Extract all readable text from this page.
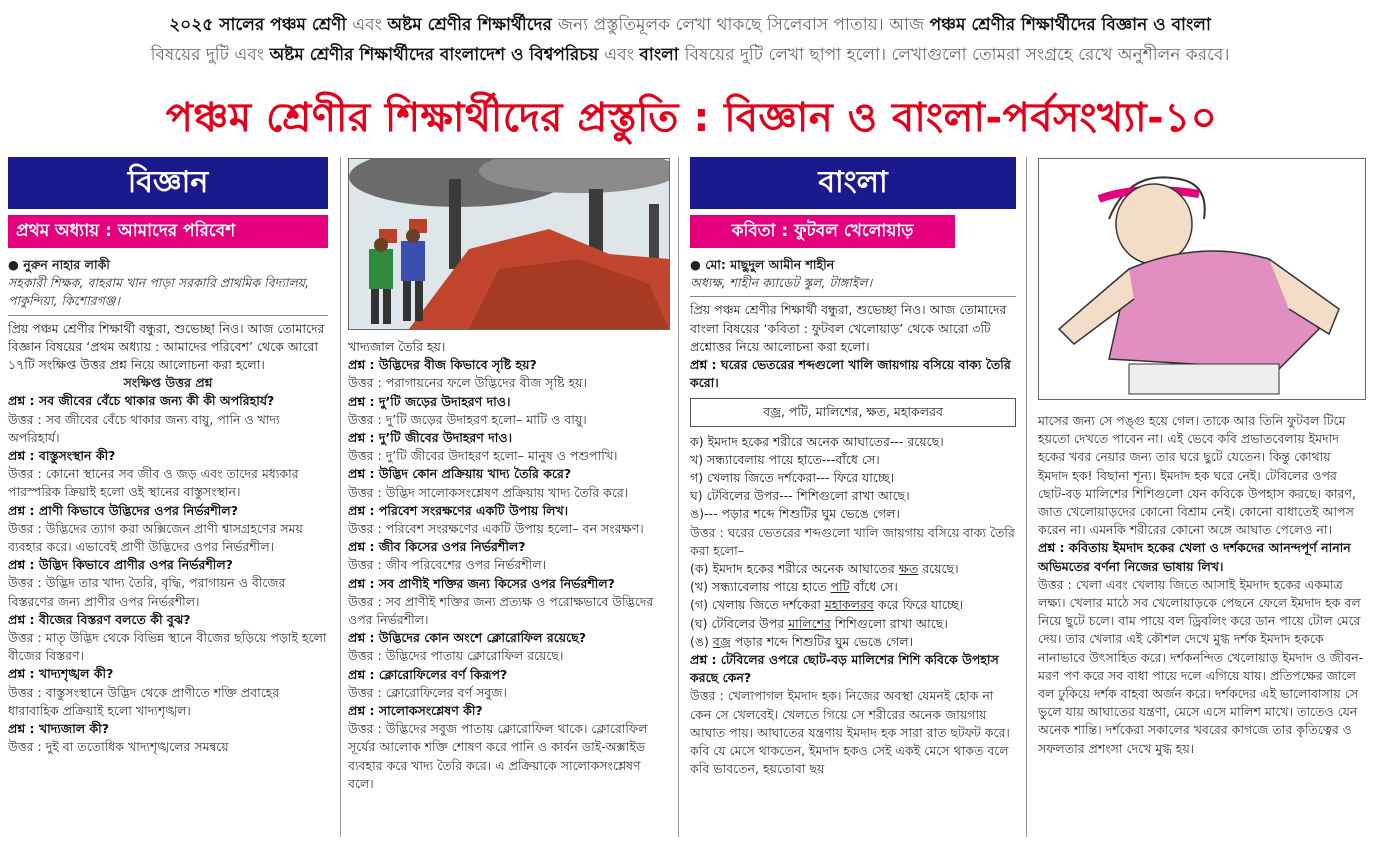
২০২৫ সালের পঞ্চম শ্রেণী এবং অষ্টম শ্রেণীর শিক্ষার্থীদের জন্য প্রস্তুতিমূলক লেখা থাকছে সিলেবাস পাতায়। আজ পঞ্চম শ্রেণীর শিক্ষার্থীদের বিজ্ঞান ও বাংলা
বিষয়ের দুটি এবং অষ্টম শ্রেণীর শিক্ষার্থীদের বাংলাদেশ ও বিশ্বপরিচয় এবং বাংলা বিষয়ের দুটি লেখা ছাপা হলো। লেখাগুলো তোমরা সংগ্রহে রেখে অনুশীলন করবে।
পঞ্চম শ্রেণীর শিক্ষার্থীদের প্রস্তুতি : বিজ্ঞান ও বাংলা-পর্বসংখ্যা-১০
বিজ্ঞান
প্রথম অধ্যায় : আমাদের পরিবেশ

● নুরুন নাহার লাকী

সহকারী শিক্ষক, বাহরাম খান পাড়া সরকারি প্রাথমিক বিদ্যালয়, পাকুন্দিয়া, কিশোরগঞ্জ।

প্রিয় পঞ্চম শ্রেণীর শিক্ষার্থী বন্ধুরা, শুভেচ্ছা নিও। আজ তোমাদের বিজ্ঞান বিষয়ের ‘প্রথম অধ্যায় : আমাদের পরিবেশ’ থেকে আরো ১৭টি সংক্ষিপ্ত উত্তর প্রশ্ন নিয়ে আলোচনা করা হলো।

সংক্ষিপ্ত উত্তর প্রশ্ন

প্রশ্ন : সব জীবের বেঁচে থাকার জন্য কী কী অপরিহার্য?

উত্তর : সব জীবের বেঁচে থাকার জন্য বায়ু, পানি ও খাদ্য অপরিহার্য।

প্রশ্ন : বাস্তুসংস্থান কী?

উত্তর : কোনো স্থানের সব জীব ও জড় এবং তাদের মধ্যকার পারস্পরিক ক্রিয়াই হলো ওই স্থানের বাস্তুসংস্থান।

প্রশ্ন : প্রাণী কিভাবে উদ্ভিদের ওপর নির্ভরশীল?

উত্তর : উদ্ভিদের ত্যাগ করা অক্সিজেন প্রাণী শ্বাসগ্রহণের সময় ব্যবহার করে। এভাবেই প্রাণী উদ্ভিদের ওপর নির্ভরশীল।

প্রশ্ন : উদ্ভিদ কিভাবে প্রাণীর ওপর নির্ভরশীল?

উত্তর : উদ্ভিদ তার খাদ্য তৈরি, বৃদ্ধি, পরাগায়ন ও বীজের বিস্তরণের জন্য প্রাণীর ওপর নির্ভরশীল।

প্রশ্ন : বীজের বিস্তরণ বলতে কী বুঝ?

উত্তর : মাতৃ উদ্ভিদ থেকে বিভিন্ন স্থানে বীজের ছড়িয়ে পড়াই হলো বীজের বিস্তরণ।

প্রশ্ন : খাদ্যশৃঙ্খল কী?

উত্তর : বাস্তুসংস্থানে উদ্ভিদ থেকে প্রাণীতে শক্তি প্রবাহের ধারাবাহিক প্রক্রিয়াই হলো খাদ্যশৃঙ্খল।

প্রশ্ন : খাদ্যজাল কী?

উত্তর : দুই বা ততোধিক খাদ্যশৃঙ্খলের সমন্বয়ে

খাদ্যজাল তৈরি হয়।

প্রশ্ন : উদ্ভিদের বীজ কিভাবে সৃষ্টি হয়?

উত্তর : পরাগায়নের ফলে উদ্ভিদের বীজ সৃষ্টি হয়।

প্রশ্ন : দু’টি জড়ের উদাহরণ দাও।

উত্তর : দু’টি জড়ের উদাহরণ হলো– মাটি ও বায়ু।

প্রশ্ন : দু’টি জীবের উদাহরণ দাও।

উত্তর : দু’টি জীবের উদাহরণ হলো– মানুষ ও পশুপাখি।

প্রশ্ন : উদ্ভিদ কোন প্রক্রিয়ায় খাদ্য তৈরি করে?

উত্তর : উদ্ভিদ সালোকসংশ্লেষণ প্রক্রিয়ায় খাদ্য তৈরি করে।

প্রশ্ন : পরিবেশ সংরক্ষণের একটি উপায় লিখ।

উত্তর : পরিবেশ সংরক্ষণের একটি উপায় হলো– বন সংরক্ষণ।

প্রশ্ন : জীব কিসের ওপর নির্ভরশীল?

উত্তর : জীব পরিবেশের ওপর নির্ভরশীল।

প্রশ্ন : সব প্রাণীই শক্তির জন্য কিসের ওপর নির্ভরশীল?

উত্তর : সব প্রাণীই শক্তির জন্য প্রত্যক্ষ ও পরোক্ষভাবে উদ্ভিদের ওপর নির্ভরশীল।

প্রশ্ন : উদ্ভিদের কোন অংশে ক্লোরোফিল রয়েছে?

উত্তর : উদ্ভিদের পাতায় ক্লোরোফিল রয়েছে।

প্রশ্ন : ক্লোরোফিলের বর্ণ কিরূপ?

উত্তর : ক্লোরোফিলের বর্ণ সবুজ।

প্রশ্ন : সালোকসংশ্লেষণ কী?

উত্তর : উদ্ভিদের সবুজ পাতায় ক্লোরোফিল থাকে। ক্লোরোফিল সূর্যের আলোক শক্তি শোষণ করে পানি ও কার্বন ডাই-অক্সাইড ব্যবহার করে খাদ্য তৈরি করে। এ প্রক্রিয়াকে সালোকসংশ্লেষণ বলে।

বাংলা
কবিতা : ফুটবল খেলোয়াড়

● মো: মাছুদুল আমীন শাহীন

অধ্যক্ষ, শাহীন ক্যাডেট স্কুল, টাঙ্গাইল।

প্রিয় পঞ্চম শ্রেণীর শিক্ষার্থী বন্ধুরা, শুভেচ্ছা নিও। আজ তোমাদের বাংলা বিষয়ের ‘কবিতা : ফুটবল খেলোয়াড়’ থেকে আরো ৩টি প্রশ্নোত্তর নিয়ে আলোচনা করা হলো।

প্রশ্ন : ঘরের ভেতরের শব্দগুলো খালি জায়গায় বসিয়ে বাক্য তৈরি করো।

বজ্র, পটি, মালিশের, ক্ষত, মহাকলরব

ক) ইমদাদ হকের শরীরে অনেক আঘাতের--- রয়েছে।

খ) সন্ধ্যাবেলায় পায়ে হাতে---বাঁধে সে।

গ) খেলায় জিতে দর্শকেরা--- ফিরে যাচ্ছে।

ঘ) টেবিলের উপর--- শিশিগুলো রাখা আছে।

ঙ)--- পড়ার শব্দে শিশুটির ঘুম ভেঙে গেল।

উত্তর : ঘরের ভেতরের শব্দগুলো খালি জায়গায় বসিয়ে বাক্য তৈরি করা হলো–

(ক) ইমদাদ হকের শরীরে অনেক আঘাতের ক্ষত রয়েছে।

(খ) সন্ধ্যাবেলায় পায়ে হাতে পটি বাঁধে সে।

(গ) খেলায় জিতে দর্শকেরা মহাকলরব করে ফিরে যাচ্ছে।

(ঘ) টেবিলের উপর মালিশের শিশিগুলো রাখা আছে।

(ঙ) বজ্র পড়ার শব্দে শিশুটির ঘুম ভেঙে গেল।

প্রশ্ন : টেবিলের ওপরে ছোট-বড় মালিশের শিশি কবিকে উপহাস করছে কেন?

উত্তর : খেলাপাগল ইমদাদ হক। নিজের অবস্থা যেমনই হোক না কেন সে খেলবেই। খেলতে গিয়ে সে শরীরের অনেক জায়গায় আঘাত পায়। আঘাতের যন্ত্রণায় ইমদাদ হক সারা রাত ছটফট করে। কবি যে মেসে থাকতেন, ইমদাদ হকও সেই একই মেসে থাকত বলে কবি ভাবতেন, হয়তোবা ছয়

মাসের জন্য সে পঙ্গু হয়ে গেল। তাকে আর তিনি ফুটবল টিমে হয়তো দেখতে পাবেন না। এই ভেবে কবি প্রভাতবেলায় ইমদাদ হকের খবর নেয়ার জন্য তার ঘরে ছুটে যেতেন। কিন্তু কোথায় ইমদাদ হক! বিছানা শূন্য। ইমদাদ হক ঘরে নেই। টেবিলের ওপর ছোট-বড় মালিশের শিশিগুলো যেন কবিকে উপহাস করছে। কারণ, জাত খেলোয়াড়দের কোনো বিশ্রাম নেই। কোনো বাধাতেই আপস করেন না। এমনকি শরীরের কোনো অঙ্গে আঘাত পেলেও না।

প্রশ্ন : কবিতায় ইমদাদ হকের খেলা ও দর্শকদের আনন্দপূর্ণ নানান অভিমতের বর্ণনা নিজের ভাষায় লিখ।

উত্তর : খেলা এবং খেলায় জিতে আসাই ইমদাদ হকের একমাত্র লক্ষ্য। খেলার মাঠে সব খেলোয়াড়কে পেছনে ফেলে ইমদাদ হক বল নিয়ে ছুটে চলে। বাম পায়ে বল ড্রিবলিং করে ডান পায়ে টোল মেরে দেয়। তার খেলার এই কৌশল দেখে মুগ্ধ দর্শক ইমদাদ হককে নানাভাবে উৎসাহিত করে। দর্শকনন্দিত খেলোয়াড় ইমদাদ ও জীবন-মরণ পণ করে সব বাধা পায়ে দলে এগিয়ে যায়। প্রতিপক্ষের জালে বল ঢুকিয়ে দর্শক বাহবা অর্জন করে। দর্শকদের এই ভালোবাসায় সে ভুলে যায় আঘাতের যন্ত্রণা, মেসে এসে মালিশ মাখে। তাতেও যেন অনেক শান্তি। দর্শকেরা সকালের খবরের কাগজে তার কৃতিত্বের ও সফলতার প্রশংসা দেখে মুগ্ধ হয়।
